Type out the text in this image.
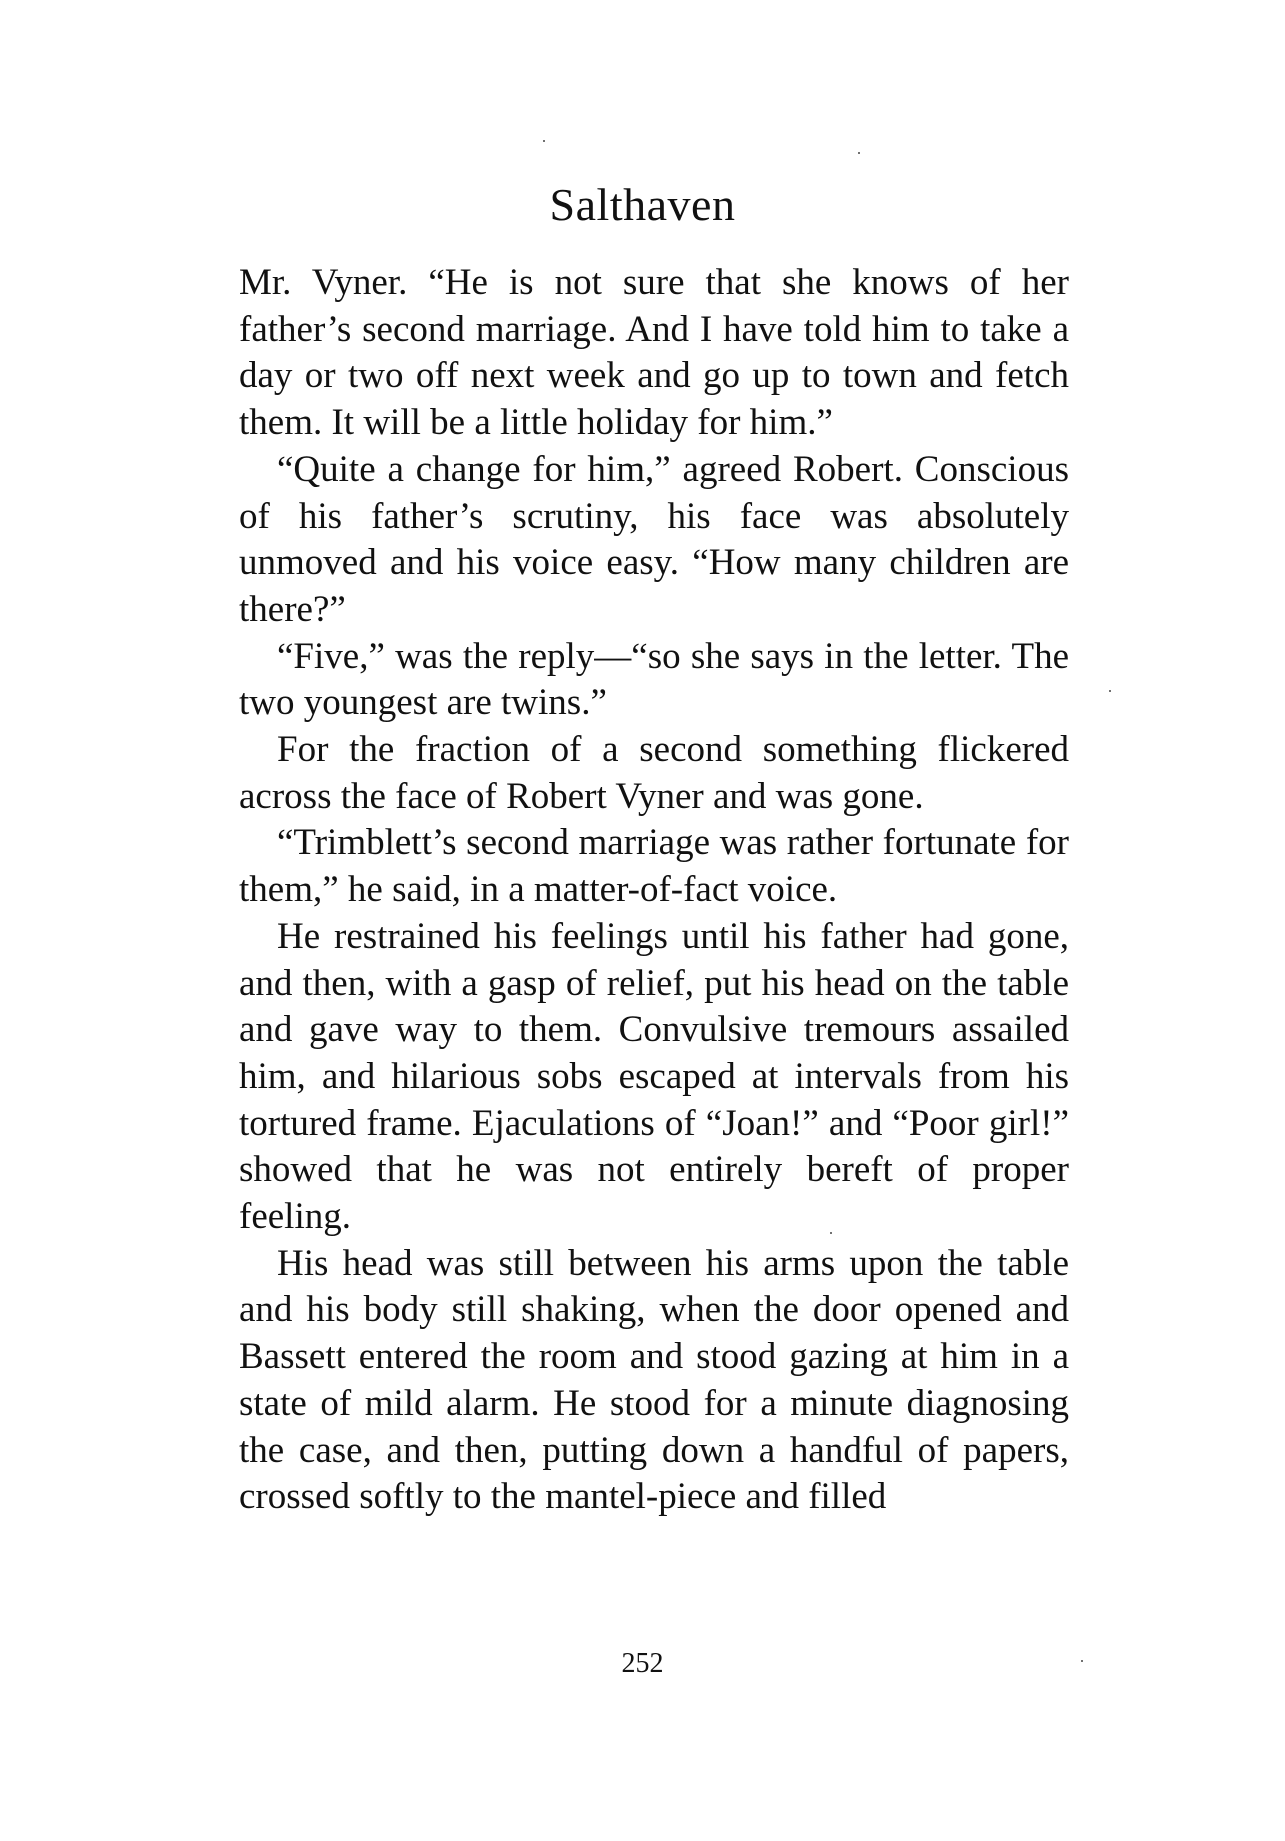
Salthaven

Mr. Vyner. “He is not sure that she knows of her father’s second marriage. And I have told him to take a day or two off next week and go up to town and fetch them. It will be a little holiday for him.”

“Quite a change for him,” agreed Robert. Conscious of his father’s scrutiny, his face was absolutely unmoved and his voice easy. “How many children are there?”

“Five,” was the reply—“so she says in the letter. The two youngest are twins.”

For the fraction of a second something flickered across the face of Robert Vyner and was gone.

“Trimblett’s second marriage was rather fortunate for them,” he said, in a matter-of-fact voice.

He restrained his feelings until his father had gone, and then, with a gasp of relief, put his head on the table and gave way to them. Convulsive tremours assailed him, and hilarious sobs escaped at intervals from his tortured frame. Ejaculations of “Joan!” and “Poor girl!” showed that he was not entirely bereft of proper feeling.

His head was still between his arms upon the table and his body still shaking, when the door opened and Bassett entered the room and stood gazing at him in a state of mild alarm. He stood for a minute diagnosing the case, and then, putting down a handful of papers, crossed softly to the mantel-piece and filled

252
